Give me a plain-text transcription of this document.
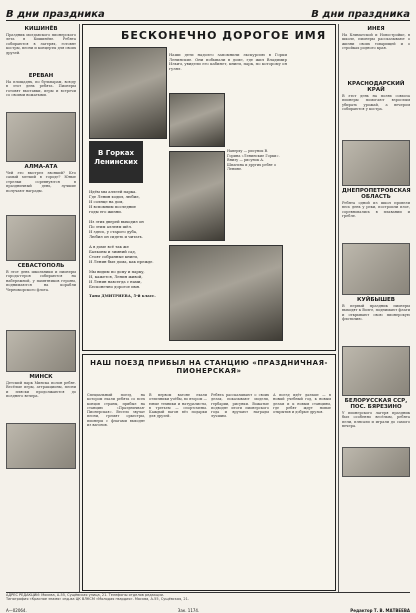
В дни праздника	В дни праздника
КИШИНЁВ
Праздник молдавского пионерского лета в Кишинёве. Ребята собираются в лагерях, готовят костры, песни и концерты для своих друзей.
ЕРЕВАН
На площадях, по бульварам, всюду в этот день ребята. Пионеры готовят выставки, игры и встречи со своими вожатыми.
АЛМА-АТА
Чей это выстрел звонкий? Кто самый меткий в городе? Юные стрелки соревнуются в праздничный день, лучшие получают награды.
СЕВАСТОПОЛЬ
В этот день школьники и пионеры города-героя собираются на набережной, у памятников героям, поднимаются на корабли Черноморского флота.
МИНСК
Детский парк Минска полон ребят. Весёлые игры, аттракционы, песни и пляски продолжаются до позднего вечера.
БЕСКОНЕЧНО ДОРОГОЕ ИМЯ
Наши дети надолго запомнили экскурсию в Горки Ленинские. Они побывали в доме, где жил Владимир Ильич, увидели его кабинет, книги, парк, по которому он гулял.
Наверху — рисунок В. Горина «Ленинские Горки». Внизу — рисунок А. Шпагина и других ребят о Ленине.
В Горках Ленинских
Идём мы аллеей парка.
Где Ленин ходил, любил,
И солнце на дом,
И вспомним последние
годы его жизни.

Из этих дверей выходил он
По этим аллеям шёл.
И здесь, у старого дуба,
Любил он сидеть и читать.

А в доме всё так же
Балконы и зимний сад,
Стоят собранные книги,
И Ленин был дома, как прежде.

Мы видим по дому и парку,
И, кажется, Ленин живой,
И Ленин навсегда с нами,
Бесконечно дорогое имя.
Таня ДМИТРИЕВА, 5-й класс.
НАШ ПОЕЗД ПРИБЫЛ НА СТАНЦИЮ «ПРАЗДНИЧНАЯ-ПИОНЕРСКАЯ»
Специальный поезд, на котором ехали ребята со всех концов страны, прибыл на станцию «Праздничная-Пионерская». Весело звучат песни, гремят оркестры, пионеры с флагами выходят из вагонов.
В первом вагоне ехали отличники учёбы, во втором — юные техники и натуралисты, в третьем — спортсмены. Каждый вагон вёз подарки для друзей.
Ребята рассказывают о своих делах, показывают модели, гербарии, рисунки. Вожатые подводят итоги пионерского года и вручают награды лучшим.
А поезд идёт дальше — в новый учебный год, к новым делам и к новым станциям, где ребят ждут новые открытия и добрые друзья.
ИНЕЯ
На Климатской и Новостройке, в школе, пионеры рассказывают о жизни своих товарищей и о стройках родного края.
КРАСНОДАРСКИЙ КРАЙ
В этот день на полях совхоза пионеры помогают взрослым убирать урожай, а вечером собираются у костра.
ДНЕПРОПЕТРОВСКАЯ ОБЛАСТЬ
Ребята одной из школ провели весь день у реки, построили плот, соревновались в плавании и гребле.
КУЙБЫШЕВ
В первый праздник пионеры выходят к Волге, поднимают флаги и открывают свою пионерскую флотилию.
БЕЛОРУССКАЯ ССР, ПОС. БЯРЕЗИНО
У пионерского лагеря праздник был особенно весёлым, ребята пели, плясали и играли до самого вечера.
АДРЕС РЕДАКЦИИ: Москва, А-55, Сущёвская улица, 21. Телефоны отделов редакции.
Типография «Красное знамя» изд-ва ЦК ВЛКСМ «Молодая гвардия». Москва, А-55, Сущёвская, 21.
А—02064.	Зак. 1174.	Редактор Т. В. МАТВЕЕВА
